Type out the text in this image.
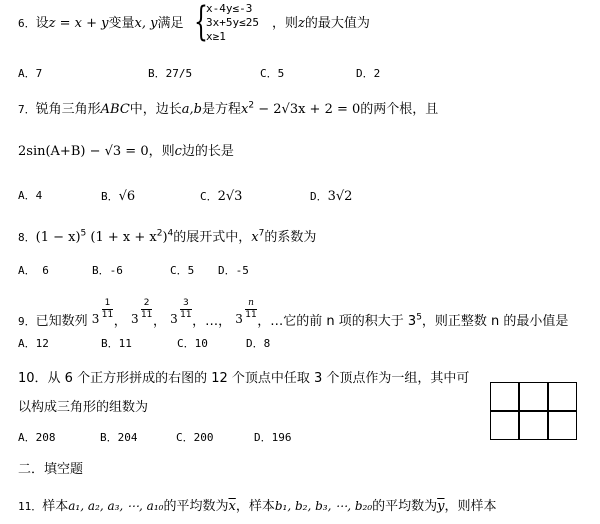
6．设z = x + y变量x, y满足 {
x-4y≤-3
3x+5y≤25
x≥1
，则z的最大值为
A．7	B．27/5	C．5	D．2
7．锐角三角形ABC中，边长a,b是方程$x^2 - 2√3x + 2 = 0$的两个根，且
2sin(A+B) − √3 = 0，则c边的长是
A．4	B．√6	C．2√3	D．3√2
8．$(1 - x)^5$ $(1 + x + x^2)^4$的展开式中，$x^7$的系数为
A． 6	B．-6	C．5 D．-5
9．已知数列 3
1
11 ， 3
2
11 ， 3
3
11 ，…， 3
n
11 ，…它的前 n 项的积大于 $3^5$，则正整数 n 的最小值是
A．12	B．11	C．10	D．8
10．从 6 个正方形拼成的右图的 12 个顶点中任取 3 个顶点作为一组，其中可
以构成三角形的组数为
A．208	B．204	C．200	D．196
二．填空题
11．样本a₁, a₂, a₃, ⋯, a₁₀的平均数为$\overline{x}$，样本b₁, b₂, b₃, ⋯, b₂₀的平均数为$\overline{y}$，则样本
